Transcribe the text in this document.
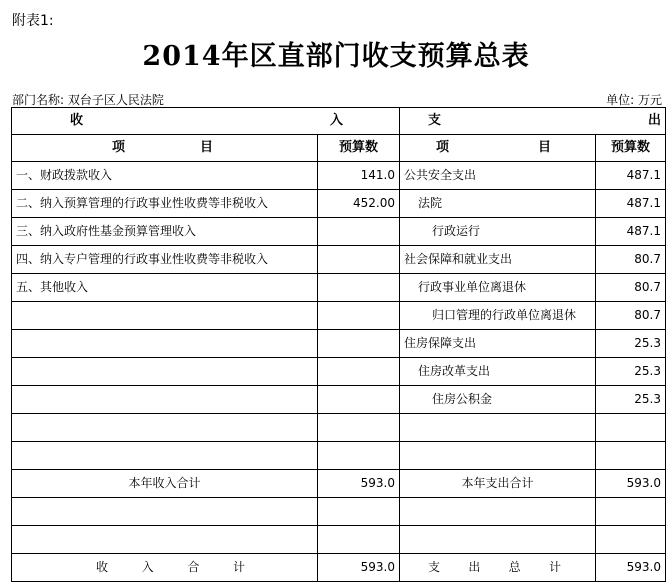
附表1:
2014年区直部门收支预算总表
部门名称: 双台子区人民法院	单位: 万元
收 入		支 出	

项 目	预算数	项 目	预算数
一、财政拨款收入	141.0	公共安全支出	487.1
二、纳入预算管理的行政事业性收费等非税收入	452.00	法院	487.1
三、纳入政府性基金预算管理收入		行政运行	487.1
四、纳入专户管理的行政事业性收费等非税收入		社会保障和就业支出	80.7
五、其他收入		行政事业单位离退休	80.7
		归口管理的行政单位离退休	80.7
		住房保障支出	25.3
		住房改革支出	25.3
		住房公积金	25.3

本年收入合计	593.0	本年支出合计	593.0

收 入 合 计	593.0	支 出 总 计	593.0
